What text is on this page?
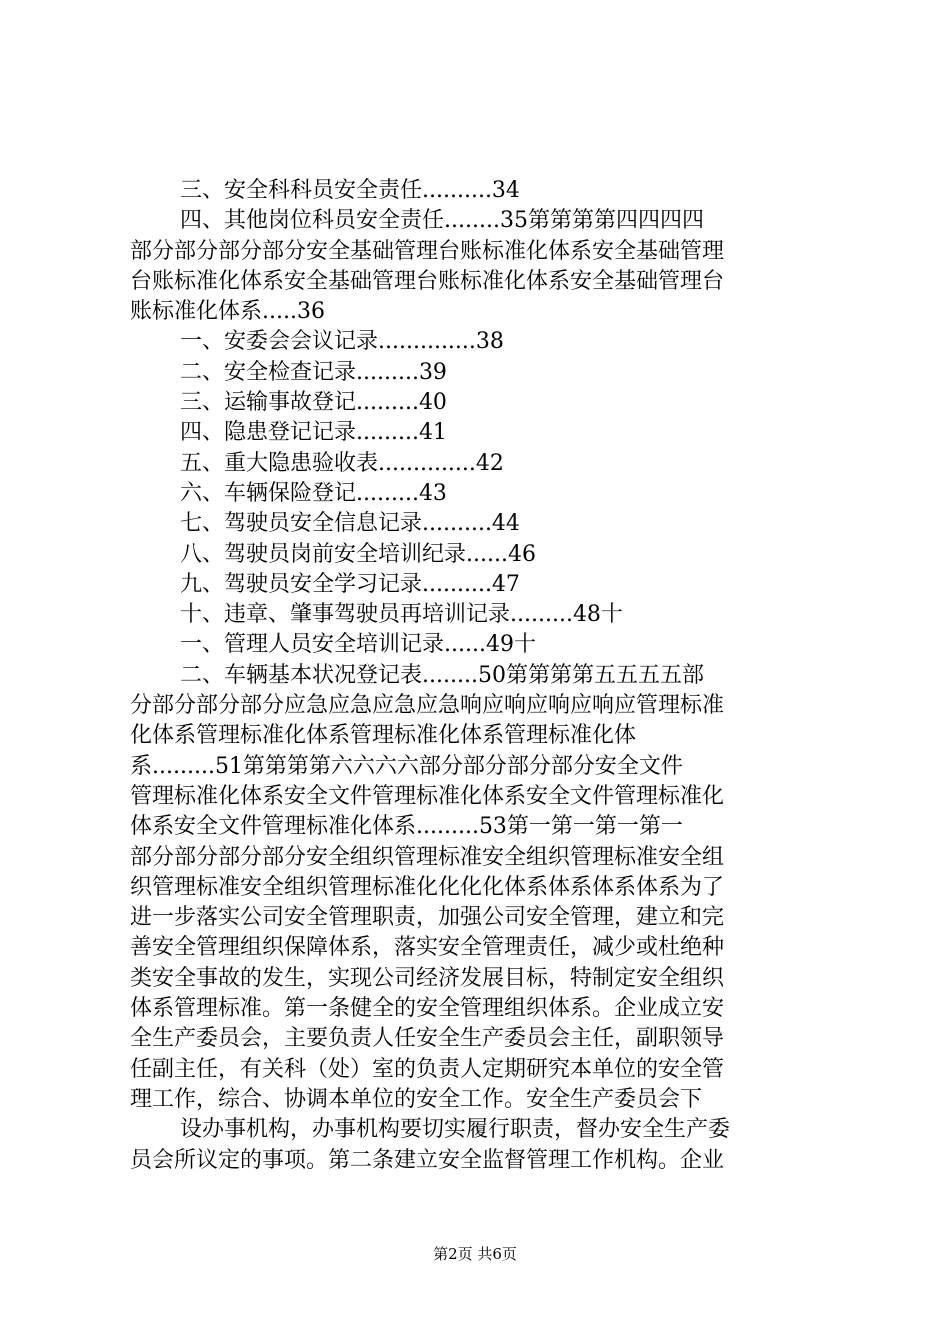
三、安全科科员安全责任..........34
四、其他岗位科员安全责任........35第第第第四四四四
部分部分部分部分安全基础管理台账标准化体系安全基础管理
台账标准化体系安全基础管理台账标准化体系安全基础管理台
账标准化体系.....36
一、安委会会议记录..............38
二、安全检查记录.........39
三、运输事故登记.........40
四、隐患登记记录.........41
五、重大隐患验收表..............42
六、车辆保险登记.........43
七、驾驶员安全信息记录..........44
八、驾驶员岗前安全培训纪录......46
九、驾驶员安全学习记录..........47
十、违章、肇事驾驶员再培训记录.........48十
一、管理人员安全培训记录......49十
二、车辆基本状况登记表........50第第第第五五五五部
分部分部分部分应急应急应急应急响应响应响应响应管理标准
化体系管理标准化体系管理标准化体系管理标准化体
系.........51第第第第六六六六部分部分部分部分安全文件
管理标准化体系安全文件管理标准化体系安全文件管理标准化
体系安全文件管理标准化体系.........53第一第一第一第一
部分部分部分部分安全组织管理标准安全组织管理标准安全组
织管理标准安全组织管理标准化化化化体系体系体系体系为了
进一步落实公司安全管理职责，加强公司安全管理，建立和完
善安全管理组织保障体系，落实安全管理责任，减少或杜绝种
类安全事故的发生，实现公司经济发展目标，特制定安全组织
体系管理标准。第一条健全的安全管理组织体系。企业成立安
全生产委员会，主要负责人任安全生产委员会主任，副职领导
任副主任，有关科（处）室的负责人定期研究本单位的安全管
理工作，综合、协调本单位的安全工作。安全生产委员会下
设办事机构，办事机构要切实履行职责，督办安全生产委
员会所议定的事项。第二条建立安全监督管理工作机构。企业
第2页 共6页
